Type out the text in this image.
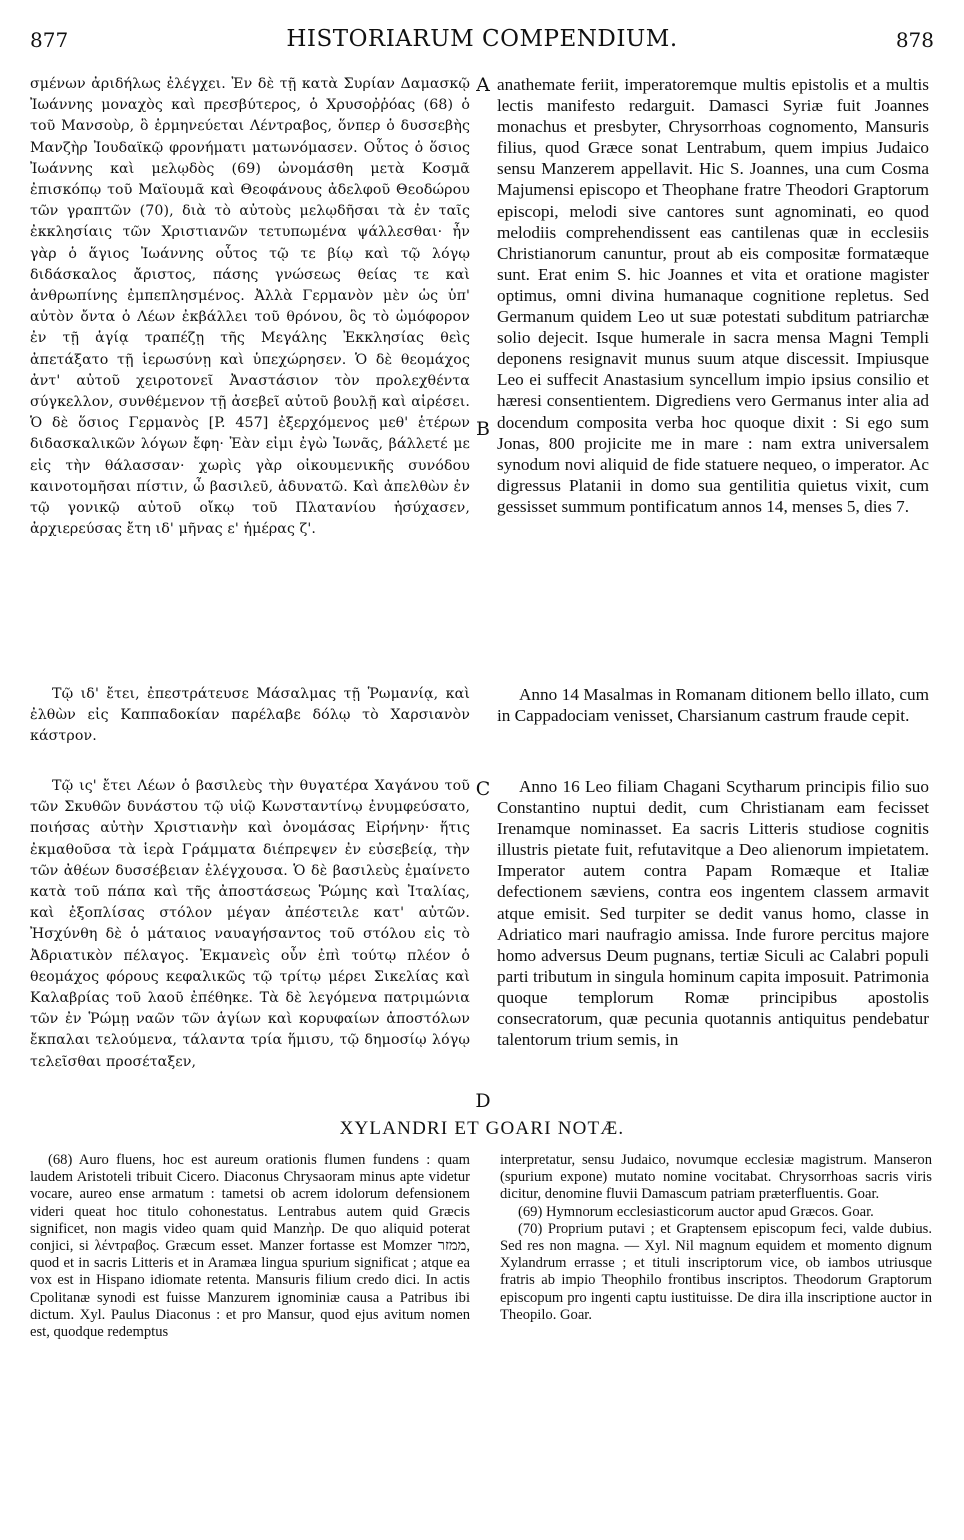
877	HISTORIARUM COMPENDIUM.	878

σμένων ἀριδήλως ἐλέγχει. Ἐν δὲ τῇ κατὰ Συρίαν Δαμασκῷ Ἰωάννης μοναχὸς καὶ πρεσβύτερος, ὁ Χρυσοῤῥόας (68) ὁ τοῦ Μανσοὺρ, ὃ ἑρμηνεύεται Λέντραβος, ὅνπερ ὁ δυσσεβὴς Μανζὴρ Ἰουδαϊκῷ φρονήματι ματωνόμασεν. Οὗτος ὁ ὅσιος Ἰωάννης καὶ μελῳδὸς (69) ὠνομάσθη μετὰ Κοσμᾶ ἐπισκόπῳ τοῦ Μαϊουμᾶ καὶ Θεοφάνους ἀδελφοῦ Θεοδώρου τῶν γραπτῶν (70), διὰ τὸ αὐτοὺς μελῳδῆσαι τὰ ἐν ταῖς ἐκκλησίαις τῶν Χριστιανῶν τετυπωμένα ψάλλεσθαι· ἦν γὰρ ὁ ἅγιος Ἰωάννης οὗτος τῷ τε βίῳ καὶ τῷ λόγῳ διδάσκαλος ἄριστος, πάσης γνώσεως θείας τε καὶ ἀνθρωπίνης ἐμπεπλησμένος. Ἀλλὰ Γερμανὸν μὲν ὡς ὑπ' αὐτὸν ὄντα ὁ Λέων ἐκβάλλει τοῦ θρόνου, ὃς τὸ ὠμόφορον ἐν τῇ ἁγίᾳ τραπέζῃ τῆς Μεγάλης Ἐκκλησίας θεὶς ἀπετάξατο τῇ ἱερωσύνῃ καὶ ὑπεχώρησεν. Ὁ δὲ θεομάχος ἀντ' αὐτοῦ χειροτονεῖ Ἀναστάσιον τὸν προλεχθέντα σύγκελλον, συνθέμενον τῇ ἀσεβεῖ αὐτοῦ βουλῇ καὶ αἱρέσει. Ὁ δὲ ὅσιος Γερμανὸς [P. 457] ἐξερχόμενος μεθ' ἑτέρων διδασκαλικῶν λόγων ἔφη· Ἐὰν εἰμι ἐγὼ Ἰωνᾶς, βάλλετέ με εἰς τὴν θάλασσαν· χωρὶς γὰρ οἰκουμενικῆς συνόδου καινοτομῆσαι πίστιν, ὦ βασιλεῦ, ἀδυνατῶ. Καὶ ἀπελθὼν ἐν τῷ γονικῷ αὐτοῦ οἴκῳ τοῦ Πλατανίου ἡσύχασεν, ἀρχιερεύσας ἔτη ιδ' μῆνας ε' ἡμέρας ζ'.

Τῷ ιδ' ἔτει, ἐπεστράτευσε Μάσαλμας τῇ Ῥωμανίᾳ, καὶ ἐλθὼν εἰς Καππαδοκίαν παρέλαβε δόλῳ τὸ Χαρσιανὸν κάστρον.

Τῷ ις' ἔτει Λέων ὁ βασιλεὺς τὴν θυγατέρα Χαγάνου τοῦ τῶν Σκυθῶν δυνάστου τῷ υἱῷ Κωνσταντίνῳ ἐνυμφεύσατο, ποιήσας αὐτὴν Χριστιανὴν καὶ ὀνομάσας Εἰρήνην· ἥτις ἐκμαθοῦσα τὰ ἱερὰ Γράμματα διέπρεψεν ἐν εὐσεβείᾳ, τὴν τῶν ἀθέων δυσσέβειαν ἐλέγχουσα. Ὁ δὲ βασιλεὺς ἐμαίνετο κατὰ τοῦ πάπα καὶ τῆς ἀποστάσεως Ῥώμης καὶ Ἰταλίας, καὶ ἐξοπλίσας στόλον μέγαν ἀπέστειλε κατ' αὐτῶν. Ἠσχύνθη δὲ ὁ μάταιος ναυαγήσαντος τοῦ στόλου εἰς τὸ Ἀδριατικὸν πέλαγος. Ἐκμανεὶς οὖν ἐπὶ τούτῳ πλέον ὁ θεομάχος φόρους κεφαλικῶς τῷ τρίτῳ μέρει Σικελίας καὶ Καλαβρίας τοῦ λαοῦ ἐπέθηκε. Τὰ δὲ λεγόμενα πατριμώνια τῶν ἐν Ῥώμῃ ναῶν τῶν ἁγίων καὶ κορυφαίων ἀποστόλων ἔκπαλαι τελούμενα, τάλαντα τρία ἥμισυ, τῷ δημοσίῳ λόγῳ τελεῖσθαι προσέταξεν,

A
B
C
D

anathemate feriit, imperatoremque multis epistolis et a multis lectis manifesto redarguit. Damasci Syriæ fuit Joannes monachus et presbyter, Chrysorrhoas cognomento, Mansuris filius, quod Græce sonat Lentrabum, quem impius Judaico sensu Manzerem appellavit. Hic S. Joannes, una cum Cosma Majumensi episcopo et Theophane fratre Theodori Graptorum episcopi, melodi sive cantores sunt agnominati, eo quod melodiis comprehendissent eas cantilenas quæ in ecclesiis Christianorum canuntur, prout ab eis compositæ formatæque sunt. Erat enim S. hic Joannes et vita et oratione magister optimus, omni divina humanaque cognitione repletus. Sed Germanum quidem Leo ut suæ potestati subditum patriarchæ solio dejecit. Isque humerale in sacra mensa Magni Templi deponens resignavit munus suum atque discessit. Impiusque Leo ei suffecit Anastasium syncellum impio ipsius consilio et hæresi consentientem. Digrediens vero Germanus inter alia ad docendum composita verba hoc quoque dixit : Si ego sum Jonas, 800 projicite me in mare : nam extra universalem synodum novi aliquid de fide statuere nequeo, o imperator. Ac digressus Platanii in domo sua gentilitia quietus vixit, cum gessisset summum pontificatum annos 14, menses 5, dies 7.

Anno 14 Masalmas in Romanam ditionem bello illato, cum in Cappadociam venisset, Charsianum castrum fraude cepit.

Anno 16 Leo filiam Chagani Scytharum principis filio suo Constantino nuptui dedit, cum Christianam eam fecisset Irenamque nominasset. Ea sacris Litteris studiose cognitis illustris pietate fuit, refutavitque a Deo alienorum impietatem. Imperator autem contra Papam Romæque et Italiæ defectionem sæviens, contra eos ingentem classem armavit atque emisit. Sed turpiter se dedit vanus homo, classe in Adriatico mari naufragio amissa. Inde furore percitus majore homo adversus Deum pugnans, tertiæ Siculi ac Calabri populi parti tributum in singula hominum capita imposuit. Patrimonia quoque templorum Romæ principibus apostolis consecratorum, quæ pecunia quotannis antiquitus pendebatur talentorum trium semis, in

XYLANDRI ET GOARI NOTÆ.

(68) Auro fluens, hoc est aureum orationis flumen fundens : quam laudem Aristoteli tribuit Cicero. Diaconus Chrysaoram minus apte videtur vocare, aureo ense armatum : tametsi ob acrem idolorum defensionem videri queat hoc titulo cohonestatus. Lentrabus autem quid Græcis significet, non magis video quam quid Manzὴρ. De quo aliquid poterat conjici, si λέντραβος. Græcum esset. Manzer fortasse est Momzer ממזר, quod et in sacris Litteris et in Aramæa lingua spurium significat ; atque ea vox est in Hispano idiomate retenta. Mansuris filium credo dici. In actis Cpolitanæ synodi est fuisse Manzurem ignominiæ causa a Patribus ibi dictum. Xyl. Paulus Diaconus : et pro Mansur, quod ejus avitum nomen est, quodque redemptus

interpretatur, sensu Judaico, novumque ecclesiæ magistrum. Manseron (spurium expone) mutato nomine vocitabat. Chrysorrhoas sacris viris dicitur, denomine fluvii Damascum patriam præterfluentis. Goar.

(69) Hymnorum ecclesiasticorum auctor apud Græcos. Goar.

(70) Proprium putavi ; et Graptensem episcopum feci, valde dubius. Sed res non magna. — Xyl. Nil magnum equidem et momento dignum Xylandrum errasse ; et tituli inscriptorum vice, ob iambos utriusque fratris ab impio Theophilo frontibus inscriptos. Theodorum Graptorum episcopum pro ingenti captu iustituisse. De dira illa inscriptione auctor in Theopilo. Goar.
